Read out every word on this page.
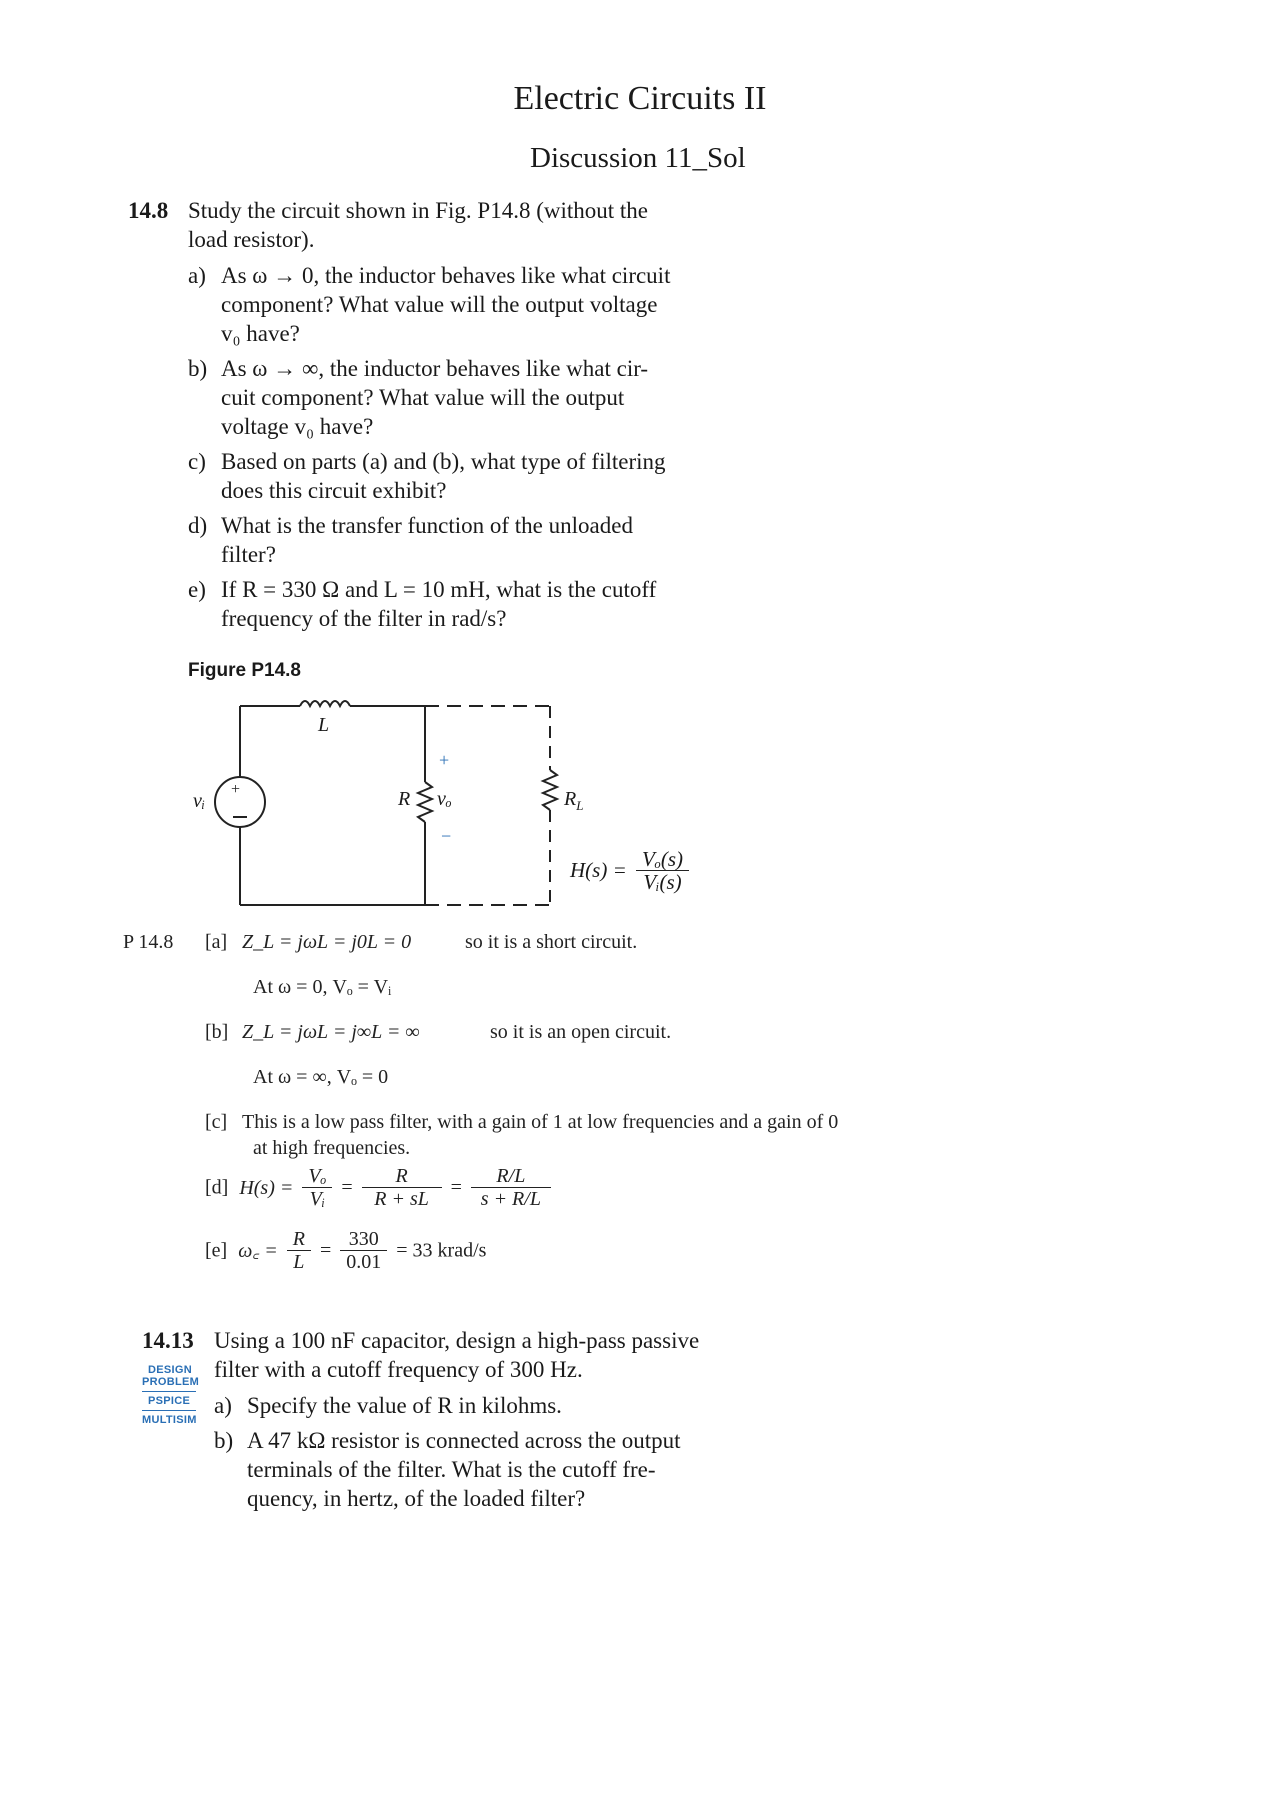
Electric Circuits II
Discussion 11_Sol
14.8 Study the circuit shown in Fig. P14.8 (without the
load resistor).
a) As ω → 0, the inductor behaves like what circuit
component? What value will the output voltage
v₀ have?
b) As ω → ∞, the inductor behaves like what cir-
cuit component? What value will the output
voltage v₀ have?
c) Based on parts (a) and (b), what type of filtering
does this circuit exhibit?
d) What is the transfer function of the unloaded
filter?
e) If R = 330 Ω and L = 10 mH, what is the cutoff
frequency of the filter in rad/s?
Figure P14.8
+
L
vᵢ	R vₒ
+
−
$R_L$
$H(s) = \frac{\text{Vₒ(s)}}{\text{Vᵢ(s)}}$
P 14.8 [a] Z_L = jωL = j0L = 0	so it is a short circuit.
At ω = 0, Vₒ = Vᵢ
[b] Z_L = jωL = j∞L = ∞	so it is an open circuit.
At ω = ∞, Vₒ = 0
[c] This is a low pass filter, with a gain of 1 at low frequencies and a gain of 0
at high frequencies.
[d] $H(s) = \frac{\text{Vₒ}}{\text{Vᵢ}} = \frac{R}{R + sL} = \frac{R/L}{s + R/L}$
[e] ω꜀ = $\frac{R}{L} = \frac{330}{0.01} = 33$ krad/s
14.13 Using a 100 nF capacitor, design a high-pass passive
filter with a cutoff frequency of 300 Hz.
DESIGN
PROBLEM
PSPICE
MULTISIM
a) Specify the value of R in kilohms.
b) A 47 kΩ resistor is connected across the output
terminals of the filter. What is the cutoff fre-
quency, in hertz, of the loaded filter?
